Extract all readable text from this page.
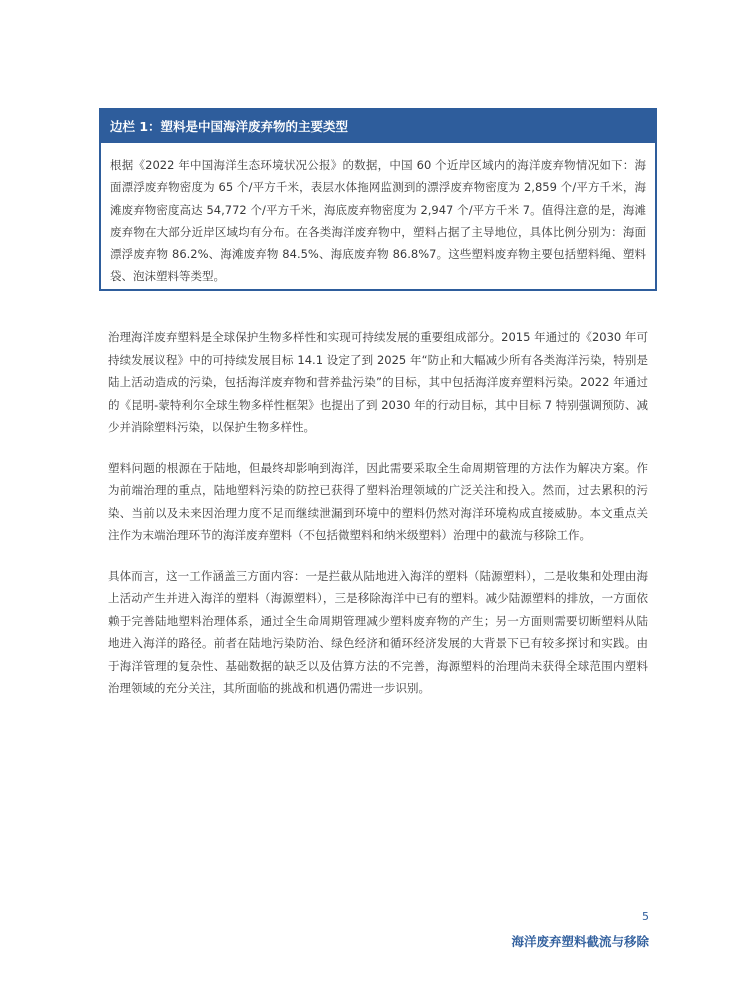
边栏 1：塑料是中国海洋废弃物的主要类型

根据《2022 年中国海洋生态环境状况公报》的数据，中国 60 个近岸区域内的海洋废弃物情况如下：海面漂浮废弃物密度为 65 个/平方千米，表层水体拖网监测到的漂浮废弃物密度为 2,859 个/平方千米，海滩废弃物密度高达 54,772 个/平方千米，海底废弃物密度为 2,947 个/平方千米 7。值得注意的是，海滩废弃物在大部分近岸区域均有分布。在各类海洋废弃物中，塑料占据了主导地位，具体比例分别为：海面漂浮废弃物 86.2%、海滩废弃物 84.5%、海底废弃物 86.8%7。这些塑料废弃物主要包括塑料绳、塑料袋、泡沫塑料等类型。

治理海洋废弃塑料是全球保护生物多样性和实现可持续发展的重要组成部分。2015 年通过的《2030 年可持续发展议程》中的可持续发展目标 14.1 设定了到 2025 年“防止和大幅减少所有各类海洋污染，特别是陆上活动造成的污染，包括海洋废弃物和营养盐污染”的目标，其中包括海洋废弃塑料污染。2022 年通过的《昆明-蒙特利尔全球生物多样性框架》也提出了到 2030 年的行动目标，其中目标 7 特别强调预防、减少并消除塑料污染，以保护生物多样性。

塑料问题的根源在于陆地，但最终却影响到海洋，因此需要采取全生命周期管理的方法作为解决方案。作为前端治理的重点，陆地塑料污染的防控已获得了塑料治理领域的广泛关注和投入。然而，过去累积的污染、当前以及未来因治理力度不足而继续泄漏到环境中的塑料仍然对海洋环境构成直接威胁。本文重点关注作为末端治理环节的海洋废弃塑料（不包括微塑料和纳米级塑料）治理中的截流与移除工作。

具体而言，这一工作涵盖三方面内容：一是拦截从陆地进入海洋的塑料（陆源塑料），二是收集和处理由海上活动产生并进入海洋的塑料（海源塑料），三是移除海洋中已有的塑料。减少陆源塑料的排放，一方面依赖于完善陆地塑料治理体系，通过全生命周期管理减少塑料废弃物的产生；另一方面则需要切断塑料从陆地进入海洋的路径。前者在陆地污染防治、绿色经济和循环经济发展的大背景下已有较多探讨和实践。由于海洋管理的复杂性、基础数据的缺乏以及估算方法的不完善，海源塑料的治理尚未获得全球范围内塑料治理领域的充分关注，其所面临的挑战和机遇仍需进一步识别。

5
海洋废弃塑料截流与移除
